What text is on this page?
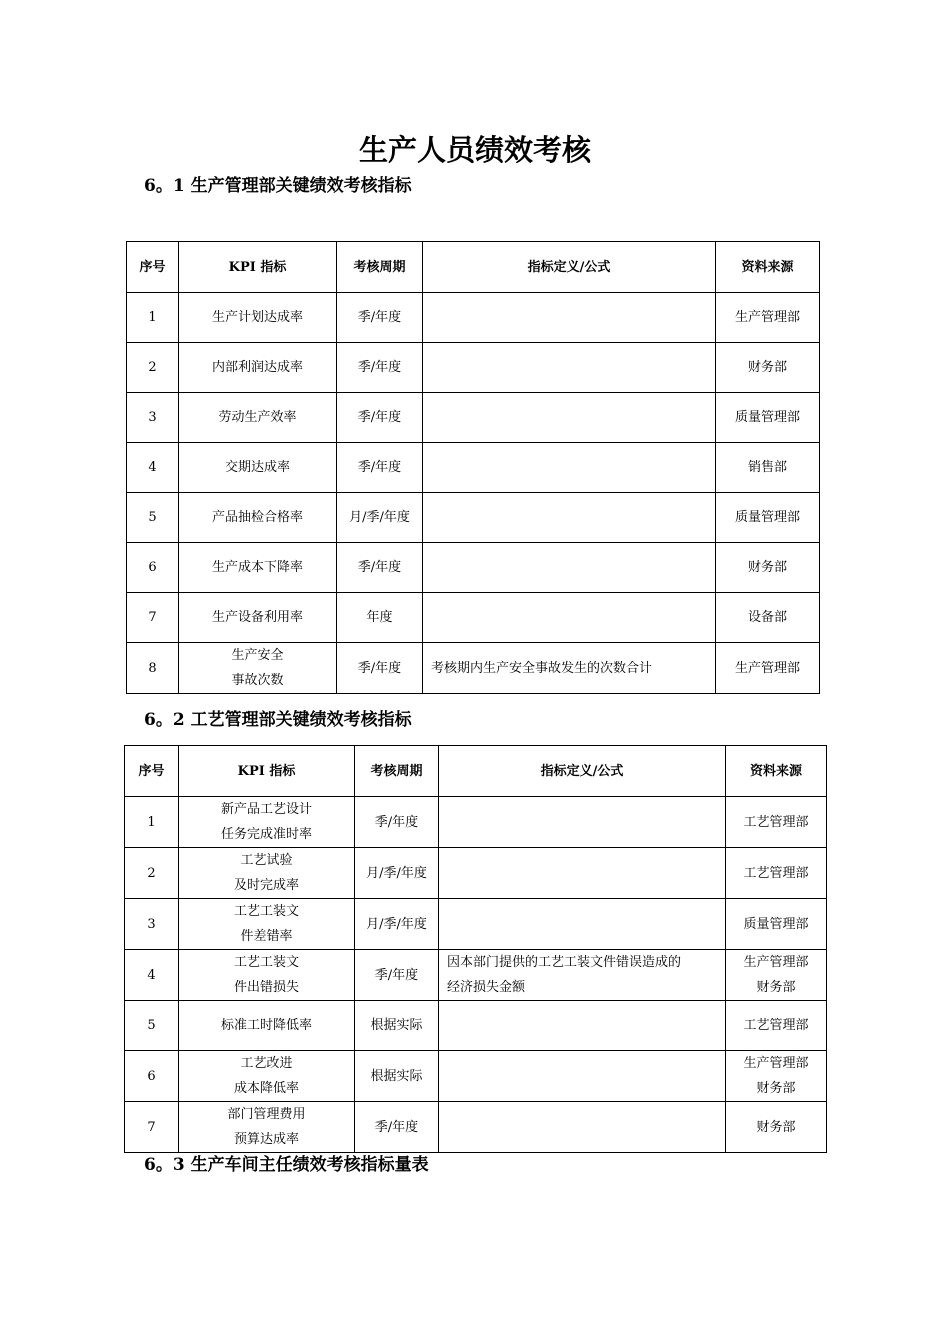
生产人员绩效考核
6。1 生产管理部关键绩效考核指标
序号	KPI 指标	考核周期	指标定义/公式	资料来源
1	生产计划达成率	季/年度		生产管理部

2	内部利润达成率	季/年度		财务部

3	劳动生产效率	季/年度		质量管理部

4	交期达成率	季/年度		销售部

5	产品抽检合格率	月/季/年度		质量管理部

6	生产成本下降率	季/年度		财务部

7	生产设备利用率	年度		设备部

8	生产安全
事故次数	季/年度	考核期内生产安全事故发生的次数合计	生产管理部
6。2 工艺管理部关键绩效考核指标
序号	KPI 指标	考核周期	指标定义/公式	资料来源
1	新产品工艺设计
任务完成准时率	季/年度		工艺管理部

2	工艺试验
及时完成率	月/季/年度		工艺管理部

3	工艺工装文
件差错率	月/季/年度		质量管理部

4	工艺工装文
件出错损失	季/年度	因本部门提供的工艺工装文件错误造成的
经济损失金额	生产管理部
财务部

5	标准工时降低率	根据实际		工艺管理部

6	工艺改进
成本降低率	根据实际		生产管理部
财务部

7	部门管理费用
预算达成率	季/年度		财务部
6。3 生产车间主任绩效考核指标量表
